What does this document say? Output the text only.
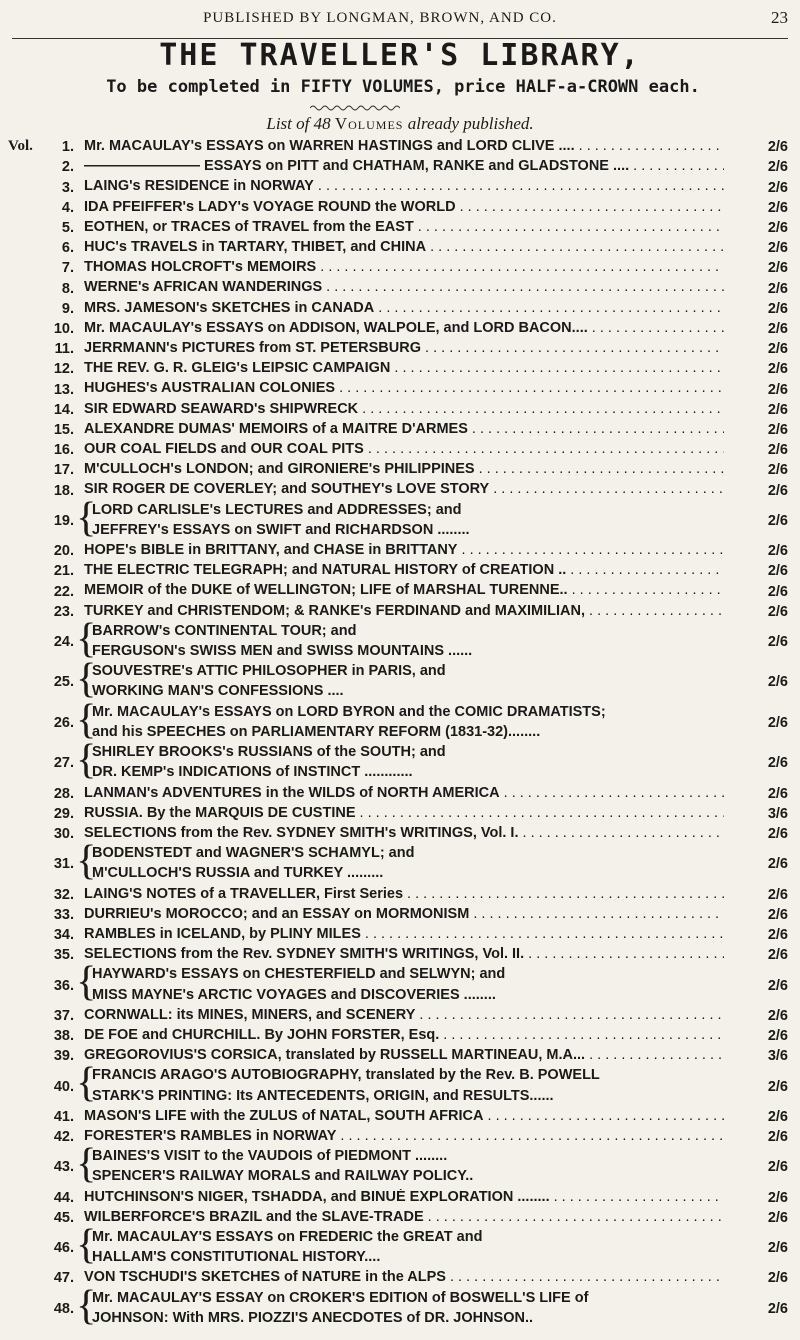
PUBLISHED BY LONGMAN, BROWN, AND CO.	23
THE TRAVELLER'S LIBRARY,
To be completed in FIFTY VOLUMES, price HALF-a-CROWN each.
List of 48 Volumes already published.
Vol.	1. Mr. MACAULAY's ESSAYS on WARREN HASTINGS and LORD CLIVE .... . . .	2/6
2. ———————— ESSAYS on PITT and CHATHAM, RANKE and GLADSTONE .... . . .	2/6
3. LAING's RESIDENCE in NORWAY . . .	2/6
4. IDA PFEIFFER's LADY's VOYAGE ROUND the WORLD . . .	2/6
5. EOTHEN, or TRACES of TRAVEL from the EAST . . .	2/6
6. HUC's TRAVELS in TARTARY, THIBET, and CHINA . . .	2/6
7. THOMAS HOLCROFT's MEMOIRS . . .	2/6
8. WERNE's AFRICAN WANDERINGS . . .	2/6
9. MRS. JAMESON's SKETCHES in CANADA . . .	2/6
10. Mr. MACAULAY's ESSAYS on ADDISON, WALPOLE, and LORD BACON.... . . .	2/6
11. JERRMANN's PICTURES from ST. PETERSBURG . . .	2/6
12. THE REV. G. R. GLEIG's LEIPSIC CAMPAIGN . . .	2/6
13. HUGHES's AUSTRALIAN COLONIES . . .	2/6
14. SIR EDWARD SEAWARD's SHIPWRECK . . .	2/6
15. ALEXANDRE DUMAS' MEMOIRS of a MAITRE D'ARMES . . .	2/6
16. OUR COAL FIELDS and OUR COAL PITS . . .	2/6
17. M'CULLOCH's LONDON; and GIRONIERE's PHILIPPINES . . .	2/6
18. SIR ROGER DE COVERLEY; and SOUTHEY's LOVE STORY . . .	2/6
19. {
LORD CARLISLE's LECTURES and ADDRESSES; and
JEFFREY's ESSAYS on SWIFT and RICHARDSON ........
2/6
20. HOPE's BIBLE in BRITTANY, and CHASE in BRITTANY . . .	2/6
21. THE ELECTRIC TELEGRAPH; and NATURAL HISTORY of CREATION .. . . .	2/6
22. MEMOIR of the DUKE of WELLINGTON; LIFE of MARSHAL TURENNE.. . . .	2/6
23. TURKEY and CHRISTENDOM; & RANKE's FERDINAND and MAXIMILIAN, . . .	2/6
24. {
BARROW's CONTINENTAL TOUR; and
FERGUSON's SWISS MEN and SWISS MOUNTAINS ......
2/6
25. {
SOUVESTRE's ATTIC PHILOSOPHER in PARIS, and
WORKING MAN'S CONFESSIONS ....
2/6
26. {
Mr. MACAULAY's ESSAYS on LORD BYRON and the COMIC DRAMATISTS;
and his SPEECHES on PARLIAMENTARY REFORM (1831-32)........
2/6
27. {
SHIRLEY BROOKS's RUSSIANS of the SOUTH; and
DR. KEMP's INDICATIONS of INSTINCT ............
2/6
28. LANMAN's ADVENTURES in the WILDS of NORTH AMERICA . . .	2/6
29. RUSSIA. By the MARQUIS DE CUSTINE . . .	3/6
30. SELECTIONS from the Rev. SYDNEY SMITH's WRITINGS, Vol. I. . . .	2/6
31. {
BODENSTEDT and WAGNER'S SCHAMYL; and
M'CULLOCH'S RUSSIA and TURKEY .........
2/6
32. LAING'S NOTES of a TRAVELLER, First Series . . .	2/6
33. DURRIEU's MOROCCO; and an ESSAY on MORMONISM . . .	2/6
34. RAMBLES in ICELAND, by PLINY MILES . . .	2/6
35. SELECTIONS from the Rev. SYDNEY SMITH'S WRITINGS, Vol. II. . . .	2/6
36. {
HAYWARD's ESSAYS on CHESTERFIELD and SELWYN; and
MISS MAYNE's ARCTIC VOYAGES and DISCOVERIES ........
2/6
37. CORNWALL: its MINES, MINERS, and SCENERY . . .	2/6
38. DE FOE and CHURCHILL. By JOHN FORSTER, Esq. . . .	2/6
39. GREGOROVIUS'S CORSICA, translated by RUSSELL MARTINEAU, M.A... . . .	3/6
40. {
FRANCIS ARAGO'S AUTOBIOGRAPHY, translated by the Rev. B. POWELL
STARK'S PRINTING: Its ANTECEDENTS, ORIGIN, and RESULTS......
2/6
41. MASON'S LIFE with the ZULUS of NATAL, SOUTH AFRICA . . .	2/6
42. FORESTER'S RAMBLES in NORWAY . . .	2/6
43. {
BAINES'S VISIT to the VAUDOIS of PIEDMONT ........
SPENCER'S RAILWAY MORALS and RAILWAY POLICY..
2/6
44. HUTCHINSON'S NIGER, TSHADDA, and BINUÉ EXPLORATION ........ . . .	2/6
45. WILBERFORCE'S BRAZIL and the SLAVE-TRADE . . .	2/6
46. {
Mr. MACAULAY'S ESSAYS on FREDERIC the GREAT and
HALLAM'S CONSTITUTIONAL HISTORY....
2/6
47. VON TSCHUDI'S SKETCHES of NATURE in the ALPS . . .	2/6
48. {
Mr. MACAULAY'S ESSAY on CROKER'S EDITION of BOSWELL'S LIFE of
JOHNSON: With MRS. PIOZZI'S ANECDOTES of DR. JOHNSON..
2/6
